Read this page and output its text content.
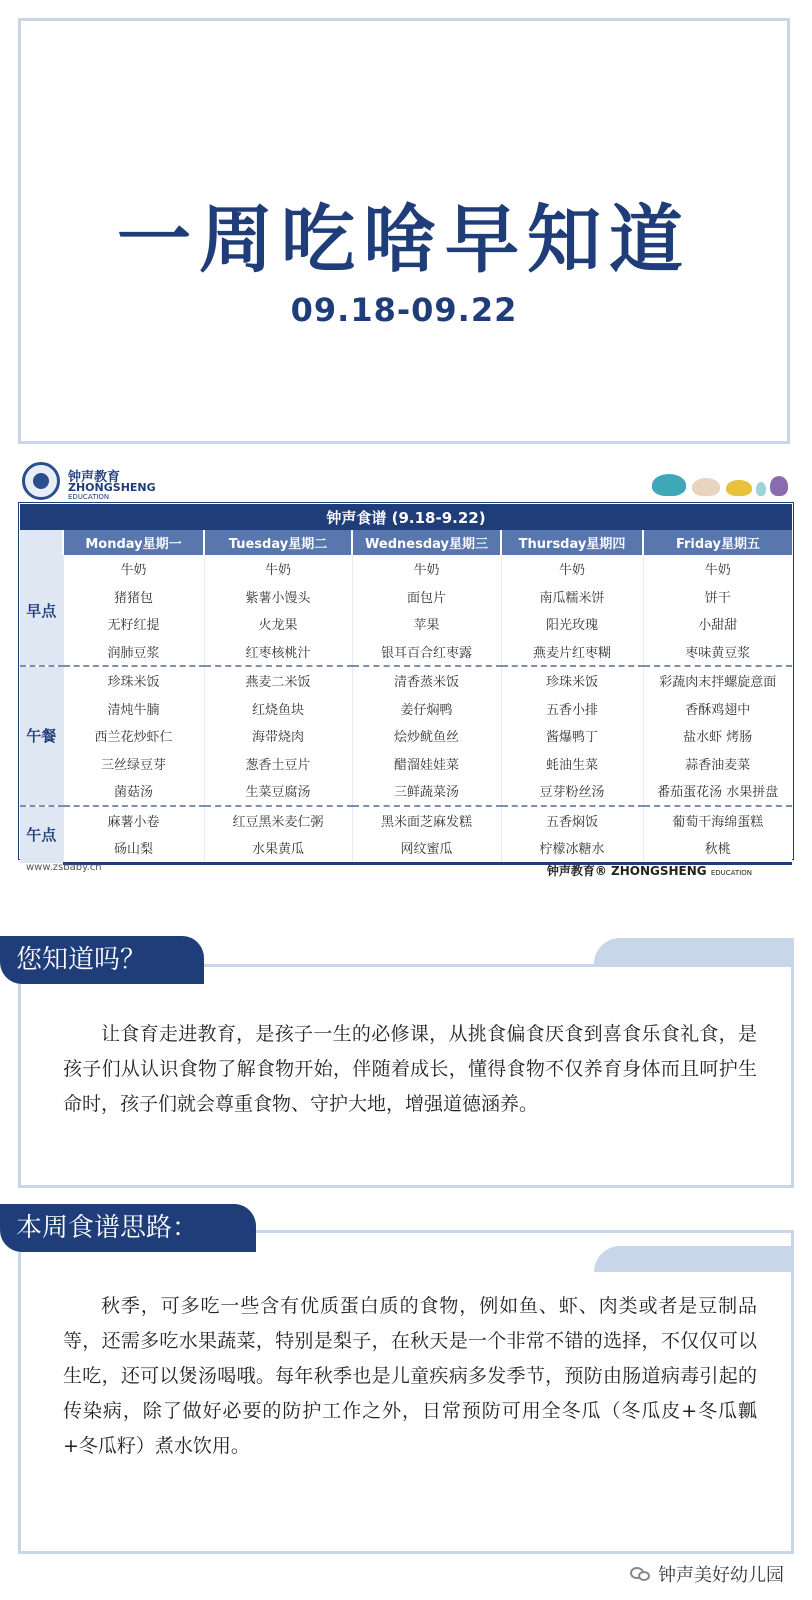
一周吃啥早知道
09.18-09.22
钟声教育
ZHONGSHENG
EDUCATION
钟声食谱 (9.18-9.22)					
	Monday星期一	Tuesday星期二	Wednesday星期三	Thursday星期四	Friday星期五
早点	牛奶	牛奶	牛奶	牛奶	牛奶
	猪猪包	紫薯小馒头	面包片	南瓜糯米饼	饼干
	无籽红提	火龙果	苹果	阳光玫瑰	小甜甜
	润肺豆浆	红枣核桃汁	银耳百合红枣露	燕麦片红枣糊	枣味黄豆浆
午餐	珍珠米饭	燕麦二米饭	清香蒸米饭	珍珠米饭	彩蔬肉末拌螺旋意面
	清炖牛腩	红烧鱼块	姜仔焖鸭	五香小排	香酥鸡翅中
	西兰花炒虾仁	海带烧肉	烩炒鱿鱼丝	酱爆鸭丁	盐水虾 烤肠
	三丝绿豆芽	葱香土豆片	醋溜娃娃菜	蚝油生菜	蒜香油麦菜
	菌菇汤	生菜豆腐汤	三鲜蔬菜汤	豆芽粉丝汤	番茄蛋花汤 水果拼盘
午点	麻薯小卷	红豆黑米麦仁粥	黑米面芝麻发糕	五香焖饭	葡萄干海绵蛋糕
	砀山梨	水果黄瓜	网纹蜜瓜	柠檬冰糖水	秋桃
www.zsbaby.cn	钟声教育® ZHONGSHENG EDUCATION
让食育走进教育，是孩子一生的必修课，从挑食偏食厌食到喜食乐食礼食，是孩子们从认识食物了解食物开始，伴随着成长，懂得食物不仅养育身体而且呵护生命时，孩子们就会尊重食物、守护大地，增强道德涵养。
您知道吗？
秋季，可多吃一些含有优质蛋白质的食物，例如鱼、虾、肉类或者是豆制品等，还需多吃水果蔬菜，特别是梨子，在秋天是一个非常不错的选择，不仅仅可以生吃，还可以煲汤喝哦。每年秋季也是儿童疾病多发季节，预防由肠道病毒引起的传染病，除了做好必要的防护工作之外，日常预防可用全冬瓜（冬瓜皮+冬瓜瓤+冬瓜籽）煮水饮用。
本周食谱思路：
钟声美好幼儿园
